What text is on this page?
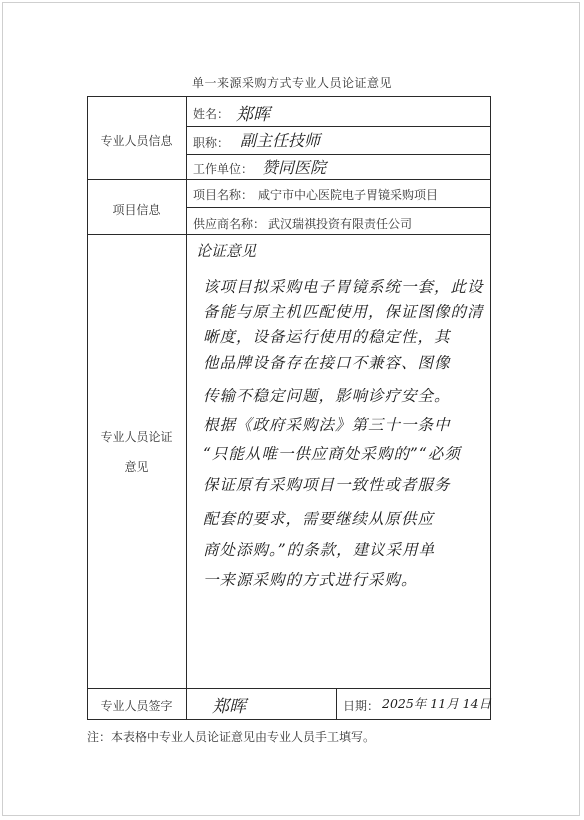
单一来源采购方式专业人员论证意见
专业人员信息
姓名： 郑晖
职称： 副主任技师
工作单位： 赞同医院
项目信息
项目名称： 咸宁市中心医院电子胃镜采购项目
供应商名称： 武汉瑞祺投资有限责任公司
专业人员论证
意见
论证意见
该项目拟采购电子胃镜系统一套，此设
备能与原主机匹配使用，保证图像的清
晰度，设备运行使用的稳定性，其
他品牌设备存在接口不兼容、图像
传输不稳定问题，影响诊疗安全。
根据《政府采购法》第三十一条中
“只能从唯一供应商处采购的”“必须
保证原有采购项目一致性或者服务
配套的要求，需要继续从原供应
商处添购。”的条款，建议采用单
一来源采购的方式进行采购。
专业人员签字	郑晖	日期： 2025年 11月 14日
注：本表格中专业人员论证意见由专业人员手工填写。
